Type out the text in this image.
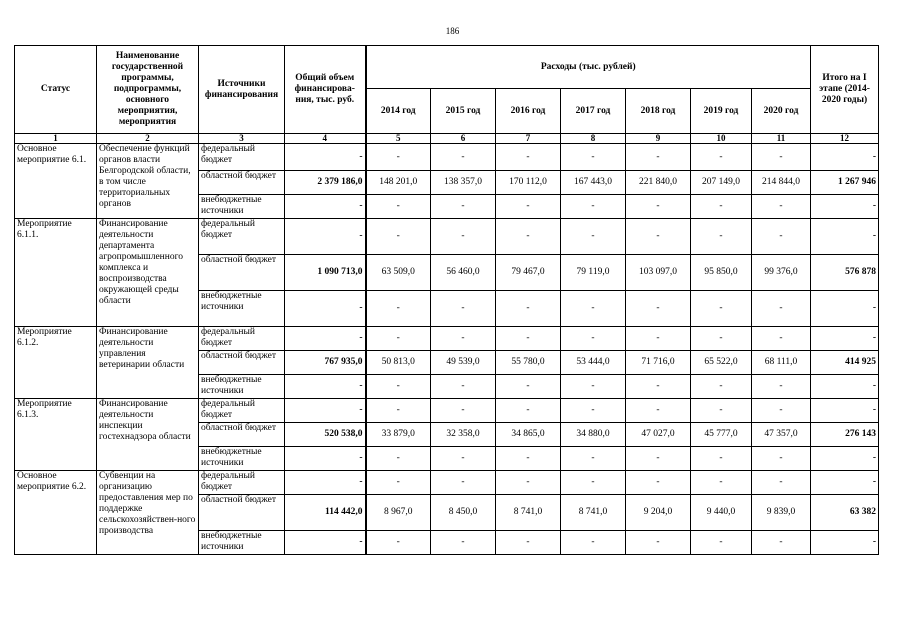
186
Статус	Наименование государственной программы, подпрограммы, основного мероприятия, мероприятия	Источники финансирования	Общий объем финансирова-ния, тыс. руб.	Расходы (тыс. рублей)							Итого на I этапе (2014-2020 годы)
				2014 год	2015 год	2016 год	2017 год	2018 год	2019 год	2020 год	
1	2	3	4	5	6	7	8	9	10	11	12
Основное мероприятие 6.1.	Обеспечение функций органов власти Белгородской области, в том числе территориальных органов	федеральный бюджет	-	-	-	-	-	-	-	-	-
		областной бюджет	2 379 186,0	148 201,0	138 357,0	170 112,0	167 443,0	221 840,0	207 149,0	214 844,0	1 267 946
		внебюджетные источники	-	-	-	-	-	-	-	-	-
Мероприятие 6.1.1.	Финансирование деятельности департамента агропромышленного комплекса и воспроизводства окружающей среды области	федеральный бюджет	-	-	-	-	-	-	-	-	-
		областной бюджет	1 090 713,0	63 509,0	56 460,0	79 467,0	79 119,0	103 097,0	95 850,0	99 376,0	576 878
		внебюджетные источники	-	-	-	-	-	-	-	-	-
Мероприятие 6.1.2.	Финансирование деятельности управления ветеринарии области	федеральный бюджет	-	-	-	-	-	-	-	-	-
		областной бюджет	767 935,0	50 813,0	49 539,0	55 780,0	53 444,0	71 716,0	65 522,0	68 111,0	414 925
		внебюджетные источники	-	-	-	-	-	-	-	-	-
Мероприятие 6.1.3.	Финансирование деятельности инспекции гостехнадзора области	федеральный бюджет	-	-	-	-	-	-	-	-	-
		областной бюджет	520 538,0	33 879,0	32 358,0	34 865,0	34 880,0	47 027,0	45 777,0	47 357,0	276 143
		внебюджетные источники	-	-	-	-	-	-	-	-	-
Основное мероприятие 6.2.	Субвенции на организацию предоставления мер по поддержке сельскохозяйствен-ного производства	федеральный бюджет	-	-	-	-	-	-	-	-	-
		областной бюджет	114 442,0	8 967,0	8 450,0	8 741,0	8 741,0	9 204,0	9 440,0	9 839,0	63 382
		внебюджетные источники	-	-	-	-	-	-	-	-	-
